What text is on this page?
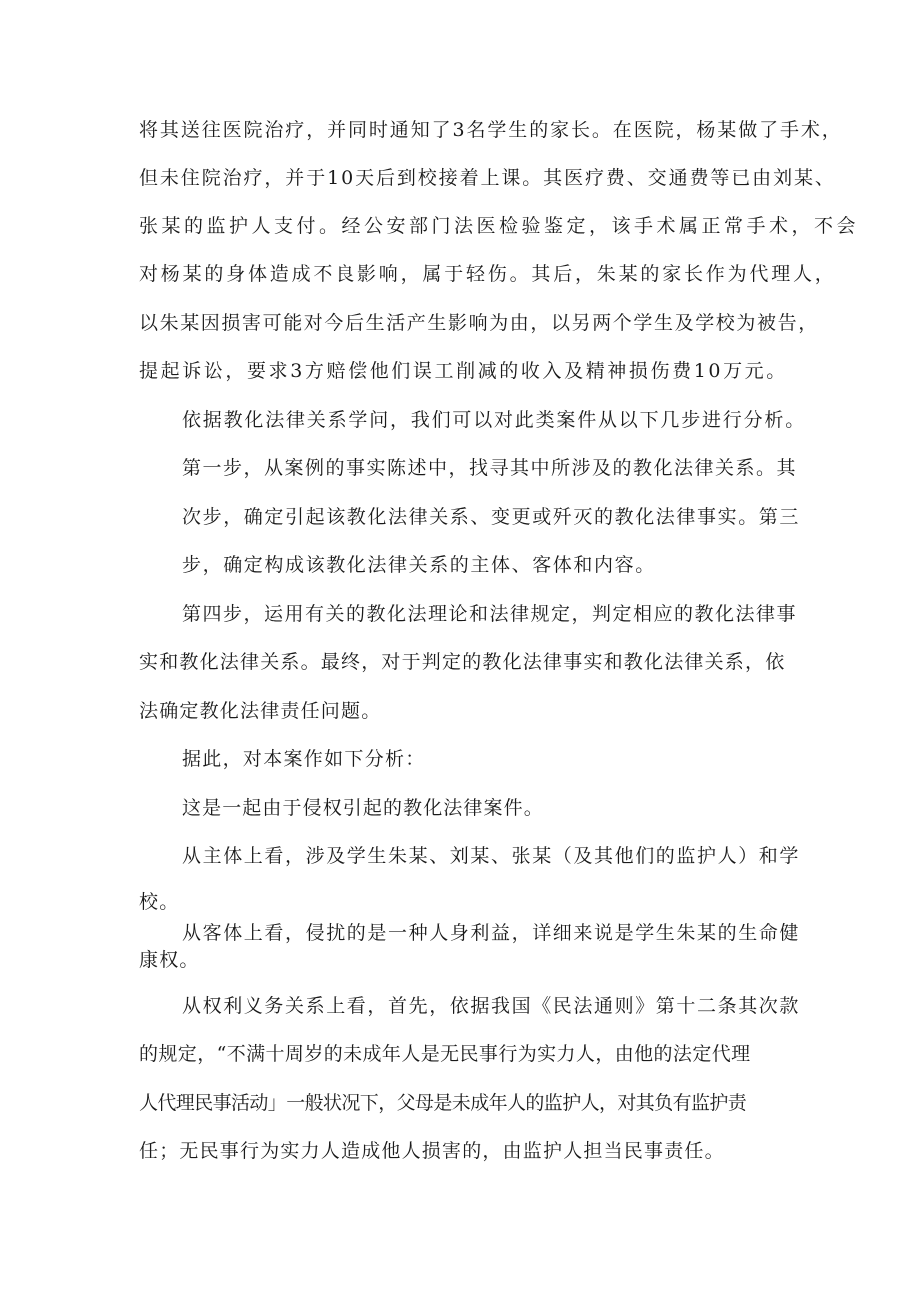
将其送往医院治疗，并同时通知了3名学生的家长。在医院，杨某做了手术，
但未住院治疗，并于10天后到校接着上课。其医疗费、交通费等已由刘某、
张某的监护人支付。经公安部门法医检验鉴定，该手术属正常手术，不会
对杨某的身体造成不良影响，属于轻伤。其后，朱某的家长作为代理人，
以朱某因损害可能对今后生活产生影响为由，以另两个学生及学校为被告，
提起诉讼，要求3方赔偿他们误工削减的收入及精神损伤费10万元。
依据教化法律关系学问，我们可以对此类案件从以下几步进行分析。
第一步，从案例的事实陈述中，找寻其中所涉及的教化法律关系。其
次步，确定引起该教化法律关系、变更或歼灭的教化法律事实。第三
步，确定构成该教化法律关系的主体、客体和内容。
第四步，运用有关的教化法理论和法律规定，判定相应的教化法律事
实和教化法律关系。最终，对于判定的教化法律事实和教化法律关系，依
法确定教化法律责任问题。
据此，对本案作如下分析：
这是一起由于侵权引起的教化法律案件。
从主体上看，涉及学生朱某、刘某、张某（及其他们的监护人）和学
校。
从客体上看，侵扰的是一种人身利益，详细来说是学生朱某的生命健
康权。
从权利义务关系上看，首先，依据我国《民法通则》第十二条其次款
的规定，“不满十周岁的未成年人是无民事行为实力人，由他的法定代理
人代理民事活动」一般状况下，父母是未成年人的监护人，对其负有监护责
任；无民事行为实力人造成他人损害的，由监护人担当民事责任。
